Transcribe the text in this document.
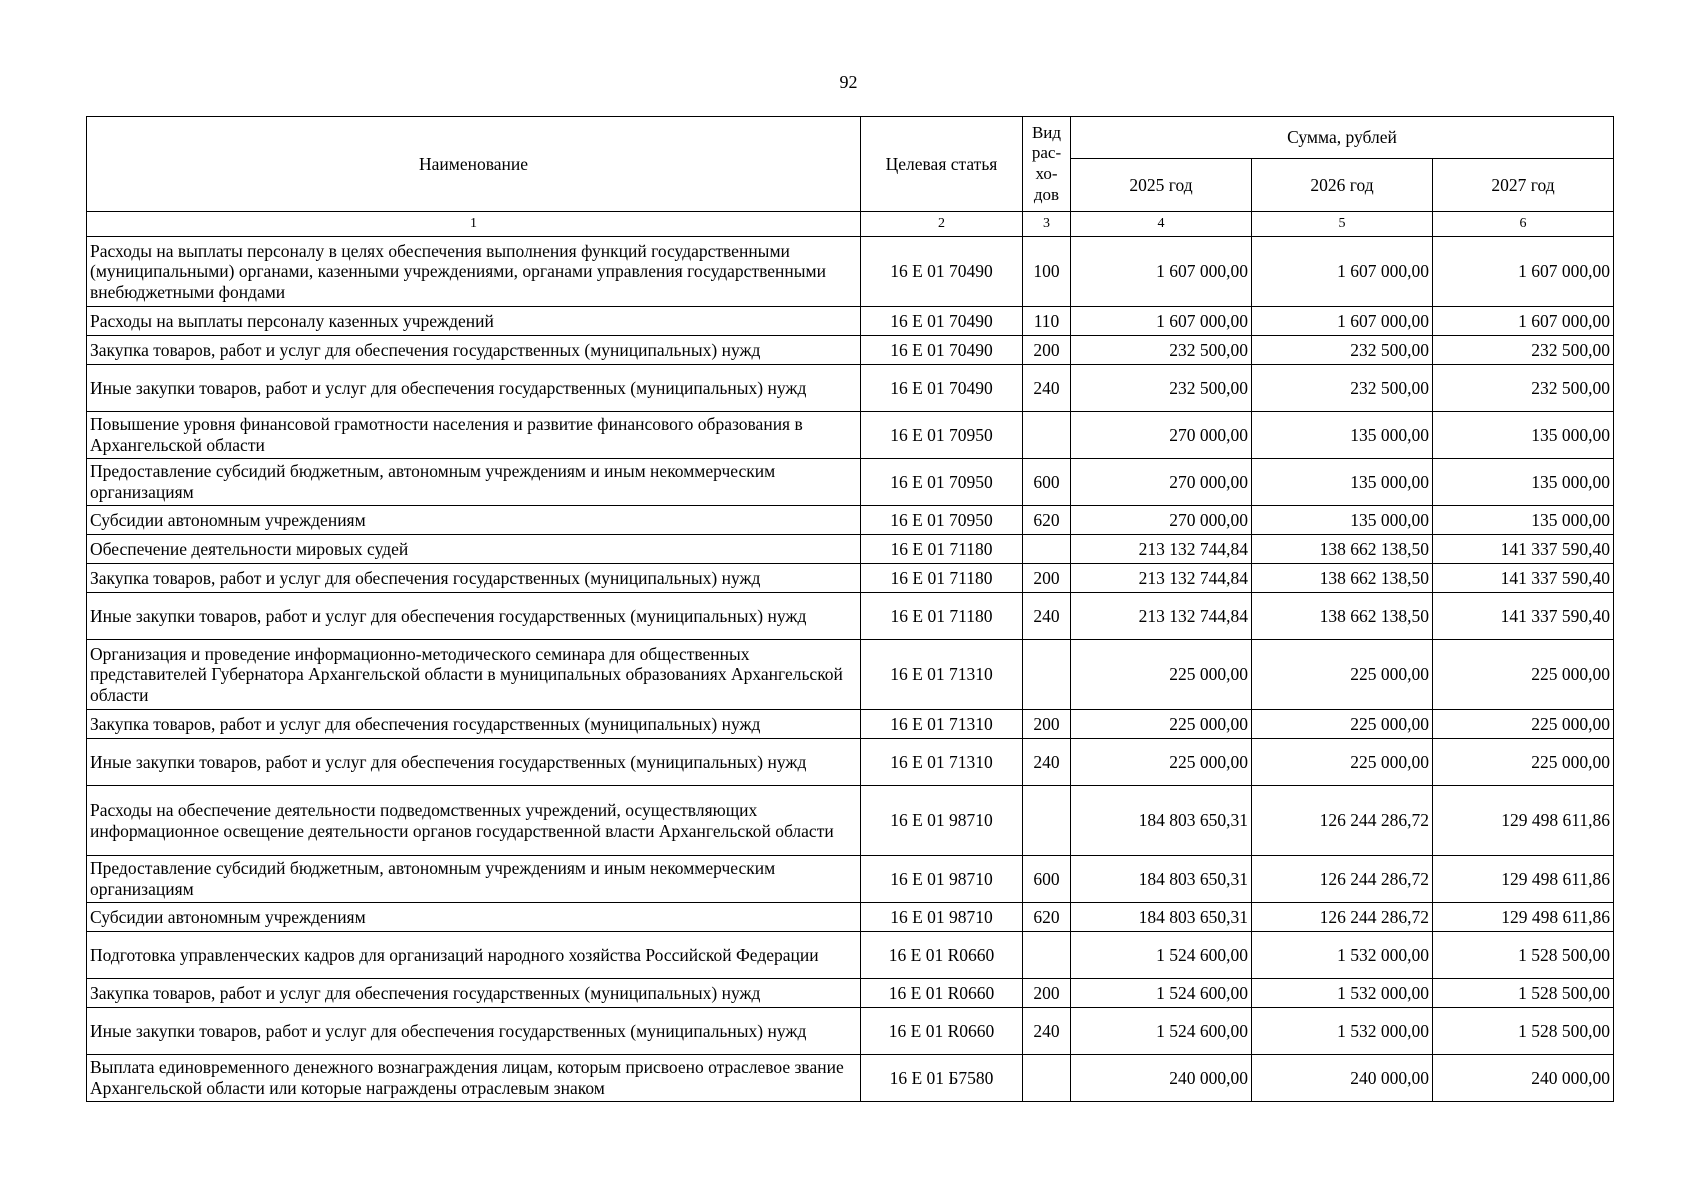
92
Наименование	Целевая статья	Вид рас-хо-дов	Сумма, рублей		
			2025 год	2026 год	2027 год
1	2	3	4	5	6
Расходы на выплаты персоналу в целях обеспечения выполнения функций государственными (муниципальными) органами, казенными учреждениями, органами управления государственными внебюджетными фондами	16 Е 01 70490	100	1 607 000,00	1 607 000,00	1 607 000,00
Расходы на выплаты персоналу казенных учреждений	16 Е 01 70490	110	1 607 000,00	1 607 000,00	1 607 000,00
Закупка товаров, работ и услуг для обеспечения государственных (муниципальных) нужд	16 Е 01 70490	200	232 500,00	232 500,00	232 500,00
Иные закупки товаров, работ и услуг для обеспечения государственных (муниципальных) нужд	16 Е 01 70490	240	232 500,00	232 500,00	232 500,00
Повышение уровня финансовой грамотности населения и развитие финансового образования в Архангельской области	16 Е 01 70950		270 000,00	135 000,00	135 000,00
Предоставление субсидий бюджетным, автономным учреждениям и иным некоммерческим организациям	16 Е 01 70950	600	270 000,00	135 000,00	135 000,00
Субсидии автономным учреждениям	16 Е 01 70950	620	270 000,00	135 000,00	135 000,00
Обеспечение деятельности мировых судей	16 Е 01 71180		213 132 744,84	138 662 138,50	141 337 590,40
Закупка товаров, работ и услуг для обеспечения государственных (муниципальных) нужд	16 Е 01 71180	200	213 132 744,84	138 662 138,50	141 337 590,40
Иные закупки товаров, работ и услуг для обеспечения государственных (муниципальных) нужд	16 Е 01 71180	240	213 132 744,84	138 662 138,50	141 337 590,40
Организация и проведение информационно-методического семинара для общественных представителей Губернатора Архангельской области в муниципальных образованиях Архангельской области	16 Е 01 71310		225 000,00	225 000,00	225 000,00
Закупка товаров, работ и услуг для обеспечения государственных (муниципальных) нужд	16 Е 01 71310	200	225 000,00	225 000,00	225 000,00
Иные закупки товаров, работ и услуг для обеспечения государственных (муниципальных) нужд	16 Е 01 71310	240	225 000,00	225 000,00	225 000,00
Расходы на обеспечение деятельности подведомственных учреждений, осуществляющих информационное освещение деятельности органов государственной власти Архангельской области	16 Е 01 98710		184 803 650,31	126 244 286,72	129 498 611,86
Предоставление субсидий бюджетным, автономным учреждениям и иным некоммерческим организациям	16 Е 01 98710	600	184 803 650,31	126 244 286,72	129 498 611,86
Субсидии автономным учреждениям	16 Е 01 98710	620	184 803 650,31	126 244 286,72	129 498 611,86
Подготовка управленческих кадров для организаций народного хозяйства Российской Федерации	16 Е 01 R0660		1 524 600,00	1 532 000,00	1 528 500,00
Закупка товаров, работ и услуг для обеспечения государственных (муниципальных) нужд	16 Е 01 R0660	200	1 524 600,00	1 532 000,00	1 528 500,00
Иные закупки товаров, работ и услуг для обеспечения государственных (муниципальных) нужд	16 Е 01 R0660	240	1 524 600,00	1 532 000,00	1 528 500,00
Выплата единовременного денежного вознаграждения лицам, которым присвоено отраслевое звание Архангельской области или которые награждены отраслевым знаком	16 Е 01 Б7580		240 000,00	240 000,00	240 000,00
